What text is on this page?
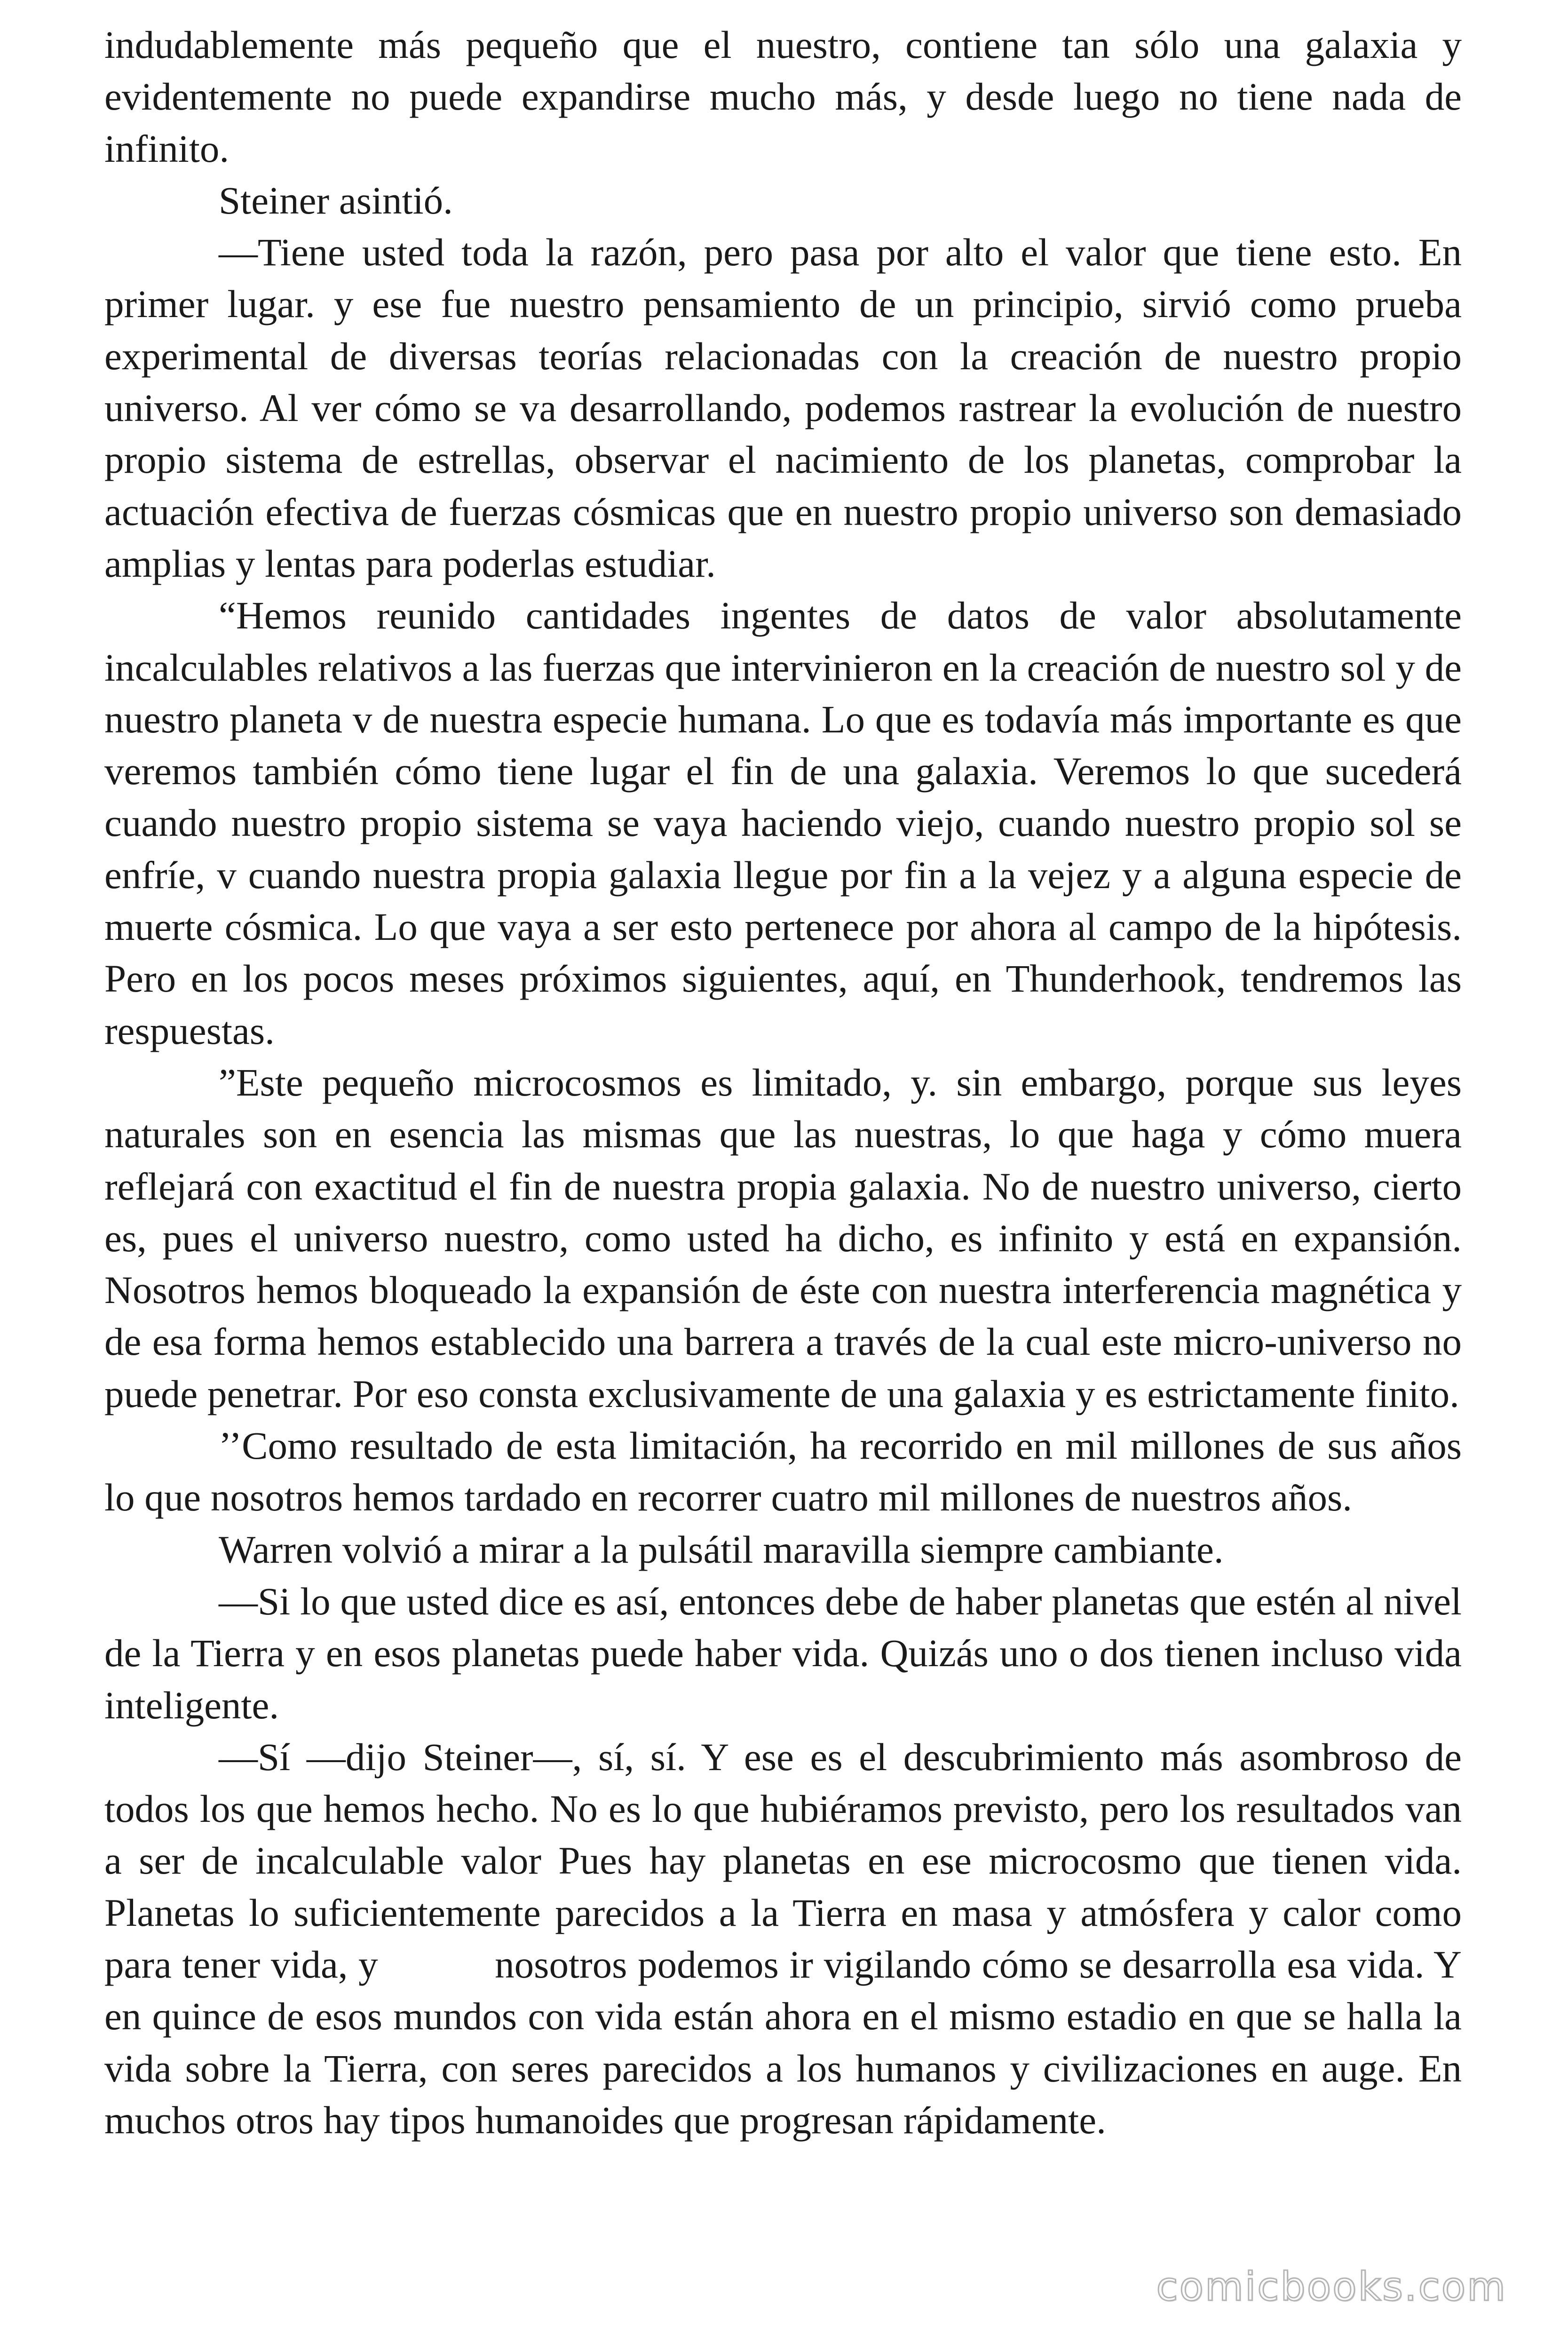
indudablemente más pequeño que el nuestro, contiene tan sólo una galaxia y evidentemente no puede expandirse mucho más, y desde luego no tiene nada de infinito.

Steiner asintió.

—Tiene usted toda la razón, pero pasa por alto el valor que tiene esto. En primer lugar. y ese fue nuestro pensamiento de un principio, sirvió como prueba experimental de diversas teorías relacionadas con la creación de nuestro propio universo. Al ver cómo se va desarrollando, podemos rastrear la evolución de nuestro propio sistema de estrellas, observar el nacimiento de los planetas, comprobar la actuación efectiva de fuerzas cósmicas que en nuestro propio universo son demasiado amplias y lentas para poderlas estudiar.

“Hemos reunido cantidades ingentes de datos de valor absolutamente incalculables relativos a las fuerzas que intervinieron en la creación de nuestro sol y de nuestro planeta v de nuestra especie humana. Lo que es todavía más importante es que veremos también cómo tiene lugar el fin de una galaxia. Veremos lo que sucederá cuando nuestro propio sistema se vaya haciendo viejo, cuando nuestro propio sol se enfríe, v cuando nuestra propia galaxia llegue por fin a la vejez y a alguna especie de muerte cósmica. Lo que vaya a ser esto pertenece por ahora al campo de la hipótesis. Pero en los pocos meses próximos siguientes, aquí, en Thunderhook, tendremos las respuestas.

”Este pequeño microcosmos es limitado, y. sin embargo, porque sus leyes naturales son en esencia las mismas que las nuestras, lo que haga y cómo muera reflejará con exactitud el fin de nuestra propia galaxia. No de nuestro universo, cierto es, pues el universo nuestro, como usted ha dicho, es infinito y está en expansión. Nosotros hemos bloqueado la expansión de éste con nuestra interferencia magnética y de esa forma hemos establecido una barrera a través de la cual este micro-universo no puede penetrar. Por eso consta exclusivamente de una galaxia y es estrictamente finito.

’’Como resultado de esta limitación, ha recorrido en mil millones de sus años lo que nosotros hemos tardado en recorrer cuatro mil millones de nuestros años.

Warren volvió a mirar a la pulsátil maravilla siempre cambiante.

—Si lo que usted dice es así, entonces debe de haber planetas que estén al nivel de la Tierra y en esos planetas puede haber vida. Quizás uno o dos tienen incluso vida inteligente.

—Sí —dijo Steiner—, sí, sí. Y ese es el descubrimiento más asombroso de todos los que hemos hecho. No es lo que hubiéramos previsto, pero los resultados van a ser de incalculable valor Pues hay planetas en ese microcosmo que tienen vida. Planetas lo suficientemente parecidos a la Tierra en masa y atmósfera y calor como para tener vida, y           nosotros podemos ir vigilando cómo se desarrolla esa vida. Y en quince de esos mundos con vida están ahora en el mismo estadio en que se halla la vida sobre la Tierra, con seres parecidos a los humanos y civilizaciones en auge. En muchos otros hay tipos humanoides que progresan rápidamente.

comicbooks.com
